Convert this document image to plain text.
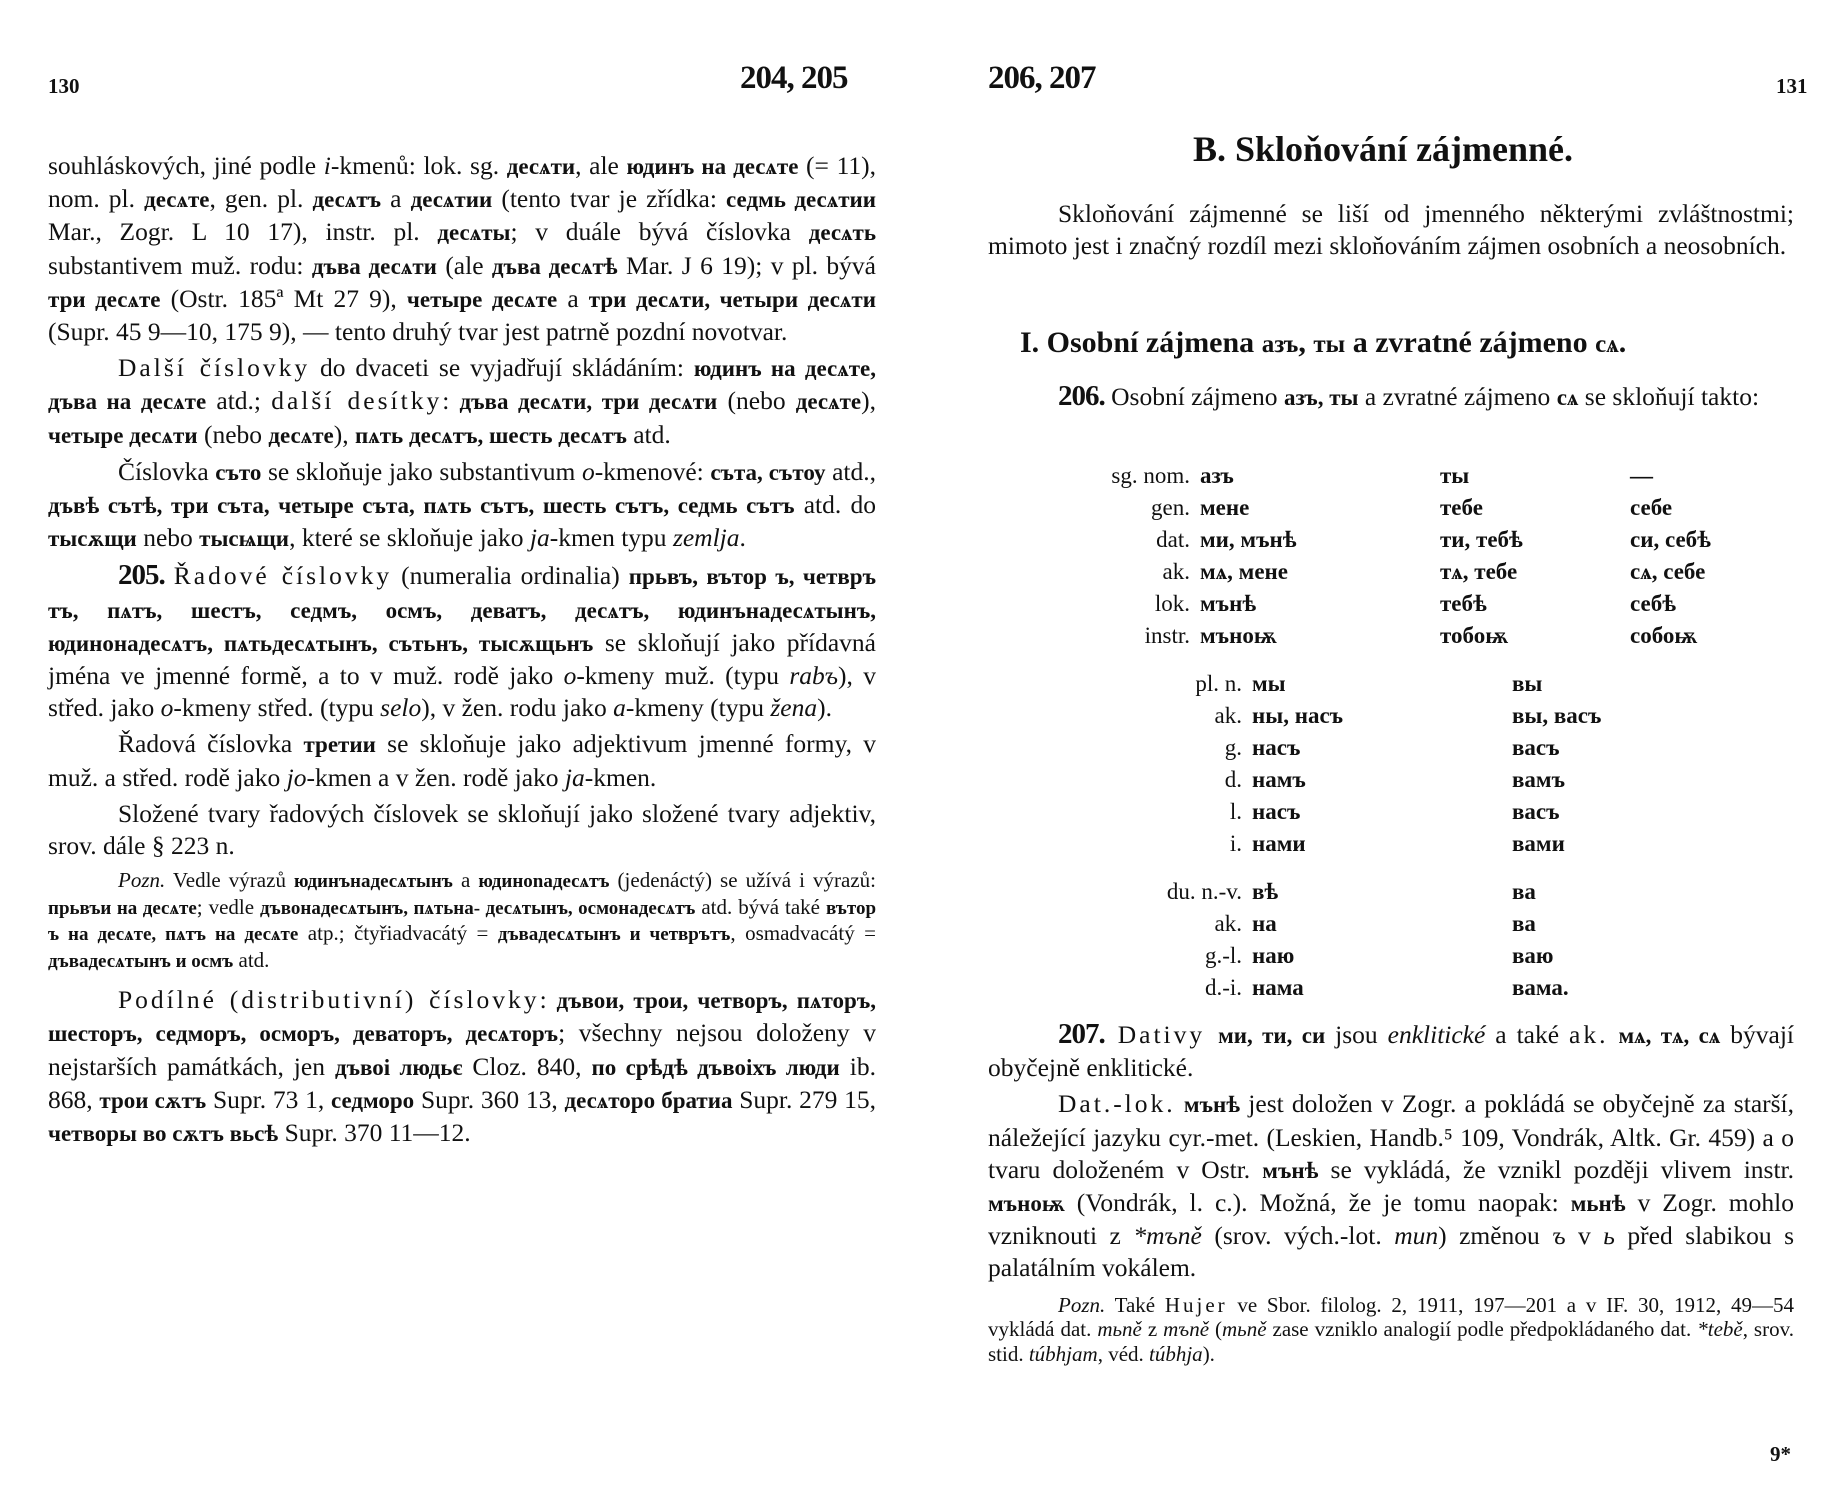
130	204, 205

souhláskových, jiné podle i-kmenů: lok. sg. десѧти, ale юдинъ на десѧте (= 11), nom. pl. десѧте, gen. pl. десѧтъ a десѧтии (tento tvar je zřídka: седмь десѧтии Mar., Zogr. L 10 17), instr. pl. десѧты; v duále bývá číslovka десѧть substantivem muž. rodu: дъва десѧти (ale дъва десѧтѣ Mar. J 6 19); v pl. bývá три десѧте (Ostr. 185ª Mt 27 9), четыре десѧте a три десѧти, четыри десѧти (Supr. 45 9—10, 175 9), — tento druhý tvar jest patrně pozdní novotvar.

Další číslovky do dvaceti se vyjadřují skládáním: юдинъ на десѧте, дъва на десѧте atd.; další desítky: дъва десѧти, три десѧти (nebo десѧте), четыре десѧти (nebo десѧте), пѧть десѧтъ, шесть десѧтъ atd.

Číslovka съто se skloňuje jako substantivum o-kmenové: съта, сътоу atd., дъвѣ сътѣ, три съта, четыре съта, пѧть сътъ, шесть сътъ, седмь сътъ atd. do тысѫщи nebo тысѩщи, které se skloňuje jako ja-kmen typu zemlja.

205. Řadové číslovky (numeralia ordinalia) прьвъ, вътор ъ, четвръ тъ, пѧтъ, шестъ, седмъ, осмъ, деватъ, десѧтъ, юдинънадесѧтынъ, юдинонадесѧтъ, пѧтьдесѧтынъ, сътьнъ, тысѫщьнъ se skloňují jako přídavná jména ve jmenné formě, a to v muž. rodě jako o-kmeny muž. (typu rabъ), v střed. jako o-kmeny střed. (typu selo), v žen. rodu jako a-kmeny (typu žena).

Řadová číslovka третии se skloňuje jako adjektivum jmenné formy, v muž. a střed. rodě jako jo-kmen a v žen. rodě jako ja-kmen.

Složené tvary řadových číslovek se skloňují jako složené tvary adjektiv, srov. dále § 223 n.

Pozn. Vedle výrazů юдинънадесѧтынъ a юдиноnадесѧтъ (jedenáctý) se užívá i výrazů: прьвъи на десѧте; vedle дъвонадесѧтынъ, пѧтьна- десѧтынъ, осмонадесѧтъ atd. bývá také вътор ъ на десѧте, пѧтъ на десѧте atp.; čtyřiadvacátý = дъвадесѧтынъ и четврътъ, osmadvacátý = дъвадесѧтынъ и осмъ atd.

Podílné (distributivní) číslovky: дъвои, трои, четворъ, пѧторъ, шесторъ, седморъ, осморъ, деваторъ, десѧторъ; všechny nejsou doloženy v nejstarších památkách, jen дъвоі людьє Cloz. 840, по срѣдѣ дъвоіхъ люди ib. 868, трои сѫтъ Supr. 73 1, седморо Supr. 360 13, десѧторо братиа Supr. 279 15, четворы во сѫтъ вьсѣ Supr. 370 11—12.

206, 207	131
B. Skloňování zájmenné.

Skloňování zájmenné se liší od jmenného některými zvláštnostmi; mimoto jest i značný rozdíl mezi skloňováním zájmen osobních a neosobních.

I. Osobní zájmena азъ, ты a zvratné zájmeno сѧ.

206. Osobní zájmeno азъ, ты a zvratné zájmeno сѧ se skloňují takto:

sg. nom. азъ	ты	—
gen. мене	тебе	себе
dat. ми, мънѣ	ти, тебѣ	си, себѣ
ak. мѧ, мене	тѧ, тебе	сѧ, себе
lok. мънѣ	тебѣ	себѣ
instr. мъноѭ	тобоѭ	собоѭ
pl. n. мы	вы
ak. ны, насъ	вы, васъ
g. насъ	васъ
d. намъ	вамъ
l. насъ	васъ
i. нами	вами
du. n.-v. вѣ	ва
ak. на	ва
g.-l. наю	ваю
d.-i. нама	вама.

207. Dativy ми, ти, си jsou enklitické a také ak. мѧ, тѧ, сѧ bývají obyčejně enklitické.

Dat.-lok. мънѣ jest doložen v Zogr. a pokládá se obyčejně za starší, náležející jazyku cyr.-met. (Leskien, Handb.⁵ 109, Vondrák, Altk. Gr. 459) a o tvaru doloženém v Ostr. мънѣ se vykládá, že vznikl později vlivem instr. мъноѭ (Vondrák, l. c.). Možná, že je tomu naopak: мьнѣ v Zogr. mohlo vzniknouti z *mъně (srov. vých.-lot. mun) změnou ъ v ь před slabikou s palatálním vokálem.

Pozn. Také Hujer ve Sbor. filolog. 2, 1911, 197—201 a v IF. 30, 1912, 49—54 vykládá dat. mьně z mъně (mьně zase vzniklo analogií podle předpokládaného dat. *tebě, srov. stid. túbhjam, véd. túbhja).

9*
